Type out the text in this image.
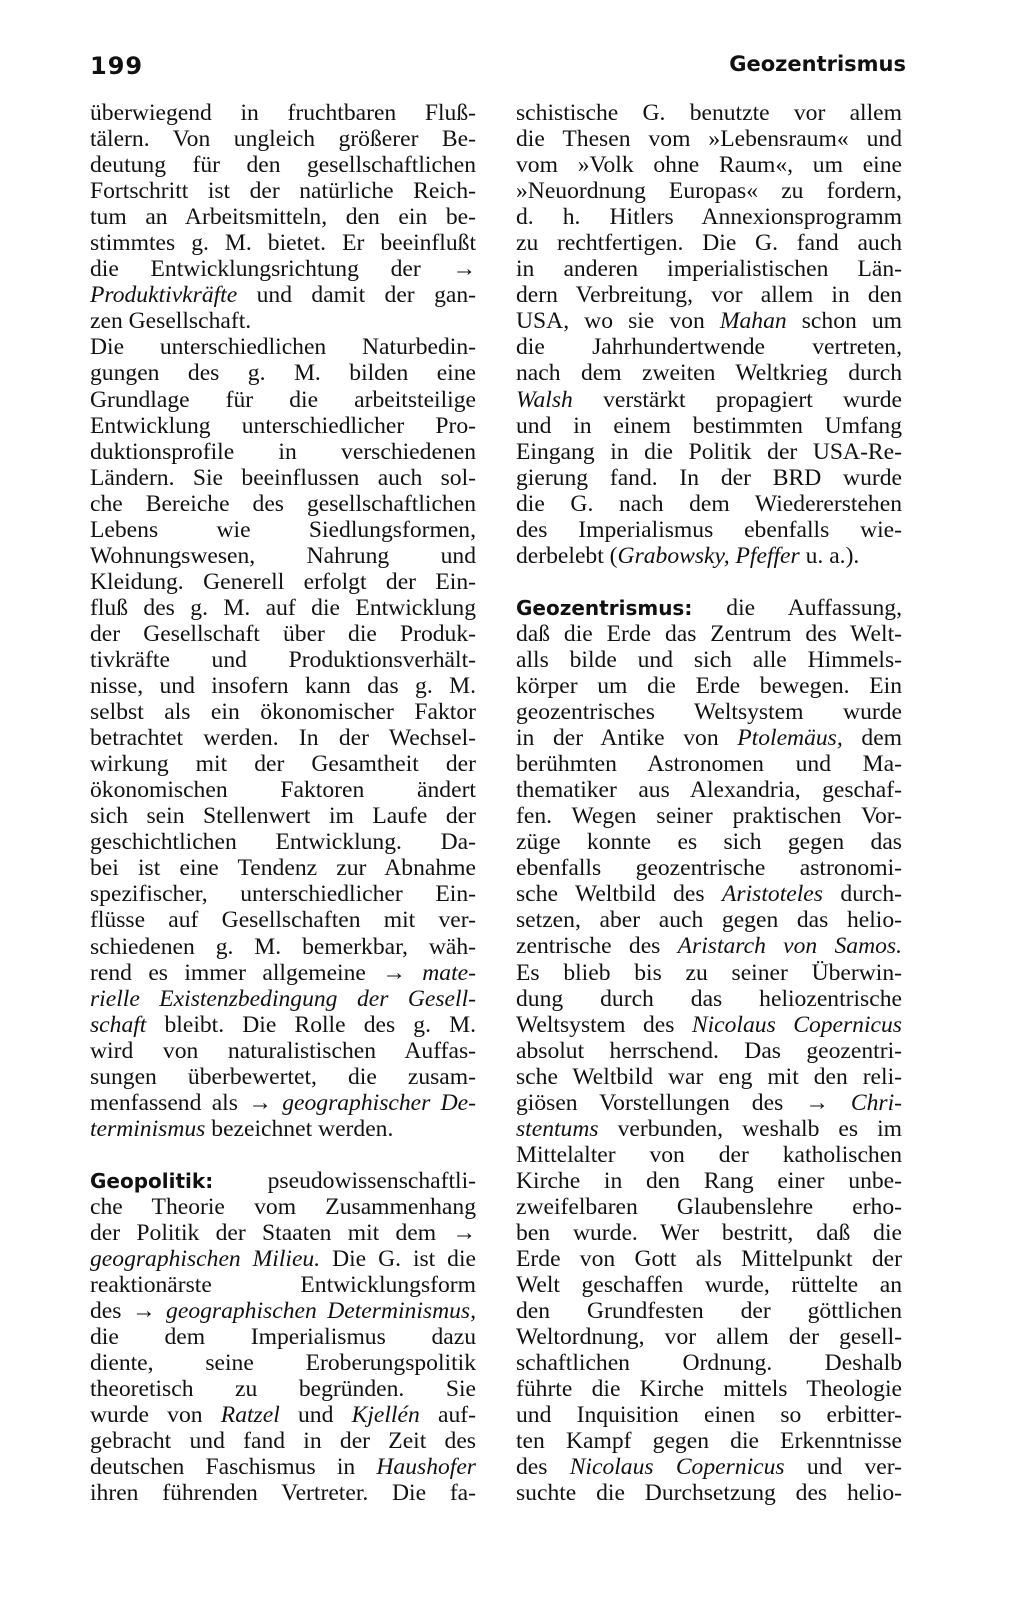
199	Geozentrismus
überwiegend in fruchtbaren Fluß-
tälern. Von ungleich größerer Be-
deutung für den gesellschaftlichen
Fortschritt ist der natürliche Reich-
tum an Arbeitsmitteln, den ein be-
stimmtes g. M. bietet. Er beeinflußt
die Entwicklungsrichtung der →
Produktivkräfte und damit der gan-
zen Gesellschaft.
Die unterschiedlichen Naturbedin-
gungen des g. M. bilden eine
Grundlage für die arbeitsteilige
Entwicklung unterschiedlicher Pro-
duktionsprofile in verschiedenen
Ländern. Sie beeinflussen auch sol-
che Bereiche des gesellschaftlichen
Lebens wie Siedlungsformen,
Wohnungswesen, Nahrung und
Kleidung. Generell erfolgt der Ein-
fluß des g. M. auf die Entwicklung
der Gesellschaft über die Produk-
tivkräfte und Produktionsverhält-
nisse, und insofern kann das g. M.
selbst als ein ökonomischer Faktor
betrachtet werden. In der Wechsel-
wirkung mit der Gesamtheit der
ökonomischen Faktoren ändert
sich sein Stellenwert im Laufe der
geschichtlichen Entwicklung. Da-
bei ist eine Tendenz zur Abnahme
spezifischer, unterschiedlicher Ein-
flüsse auf Gesellschaften mit ver-
schiedenen g. M. bemerkbar, wäh-
rend es immer allgemeine → mate-
rielle Existenzbedingung der Gesell-
schaft bleibt. Die Rolle des g. M.
wird von naturalistischen Auffas-
sungen überbewertet, die zusam-
menfassend als → geographischer De-
terminismus bezeichnet werden.
Geopolitik: pseudowissenschaftli-
che Theorie vom Zusammenhang
der Politik der Staaten mit dem →
geographischen Milieu. Die G. ist die
reaktionärste Entwicklungsform
des → geographischen Determinismus,
die dem Imperialismus dazu
diente, seine Eroberungspolitik
theoretisch zu begründen. Sie
wurde von Ratzel und Kjellén auf-
gebracht und fand in der Zeit des
deutschen Faschismus in Haushofer
ihren führenden Vertreter. Die fa-
schistische G. benutzte vor allem
die Thesen vom »Lebensraum« und
vom »Volk ohne Raum«, um eine
»Neuordnung Europas« zu fordern,
d. h. Hitlers Annexionsprogramm
zu rechtfertigen. Die G. fand auch
in anderen imperialistischen Län-
dern Verbreitung, vor allem in den
USA, wo sie von Mahan schon um
die Jahrhundertwende vertreten,
nach dem zweiten Weltkrieg durch
Walsh verstärkt propagiert wurde
und in einem bestimmten Umfang
Eingang in die Politik der USA-Re-
gierung fand. In der BRD wurde
die G. nach dem Wiedererstehen
des Imperialismus ebenfalls wie-
derbelebt (Grabowsky, Pfeffer u. a.).
Geozentrismus: die Auffassung,
daß die Erde das Zentrum des Welt-
alls bilde und sich alle Himmels-
körper um die Erde bewegen. Ein
geozentrisches Weltsystem wurde
in der Antike von Ptolemäus, dem
berühmten Astronomen und Ma-
thematiker aus Alexandria, geschaf-
fen. Wegen seiner praktischen Vor-
züge konnte es sich gegen das
ebenfalls geozentrische astronomi-
sche Weltbild des Aristoteles durch-
setzen, aber auch gegen das helio-
zentrische des Aristarch von Samos.
Es blieb bis zu seiner Überwin-
dung durch das heliozentrische
Weltsystem des Nicolaus Copernicus
absolut herrschend. Das geozentri-
sche Weltbild war eng mit den reli-
giösen Vorstellungen des → Chri-
stentums verbunden, weshalb es im
Mittelalter von der katholischen
Kirche in den Rang einer unbe-
zweifelbaren Glaubenslehre erho-
ben wurde. Wer bestritt, daß die
Erde von Gott als Mittelpunkt der
Welt geschaffen wurde, rüttelte an
den Grundfesten der göttlichen
Weltordnung, vor allem der gesell-
schaftlichen Ordnung. Deshalb
führte die Kirche mittels Theologie
und Inquisition einen so erbitter-
ten Kampf gegen die Erkenntnisse
des Nicolaus Copernicus und ver-
suchte die Durchsetzung des helio-
